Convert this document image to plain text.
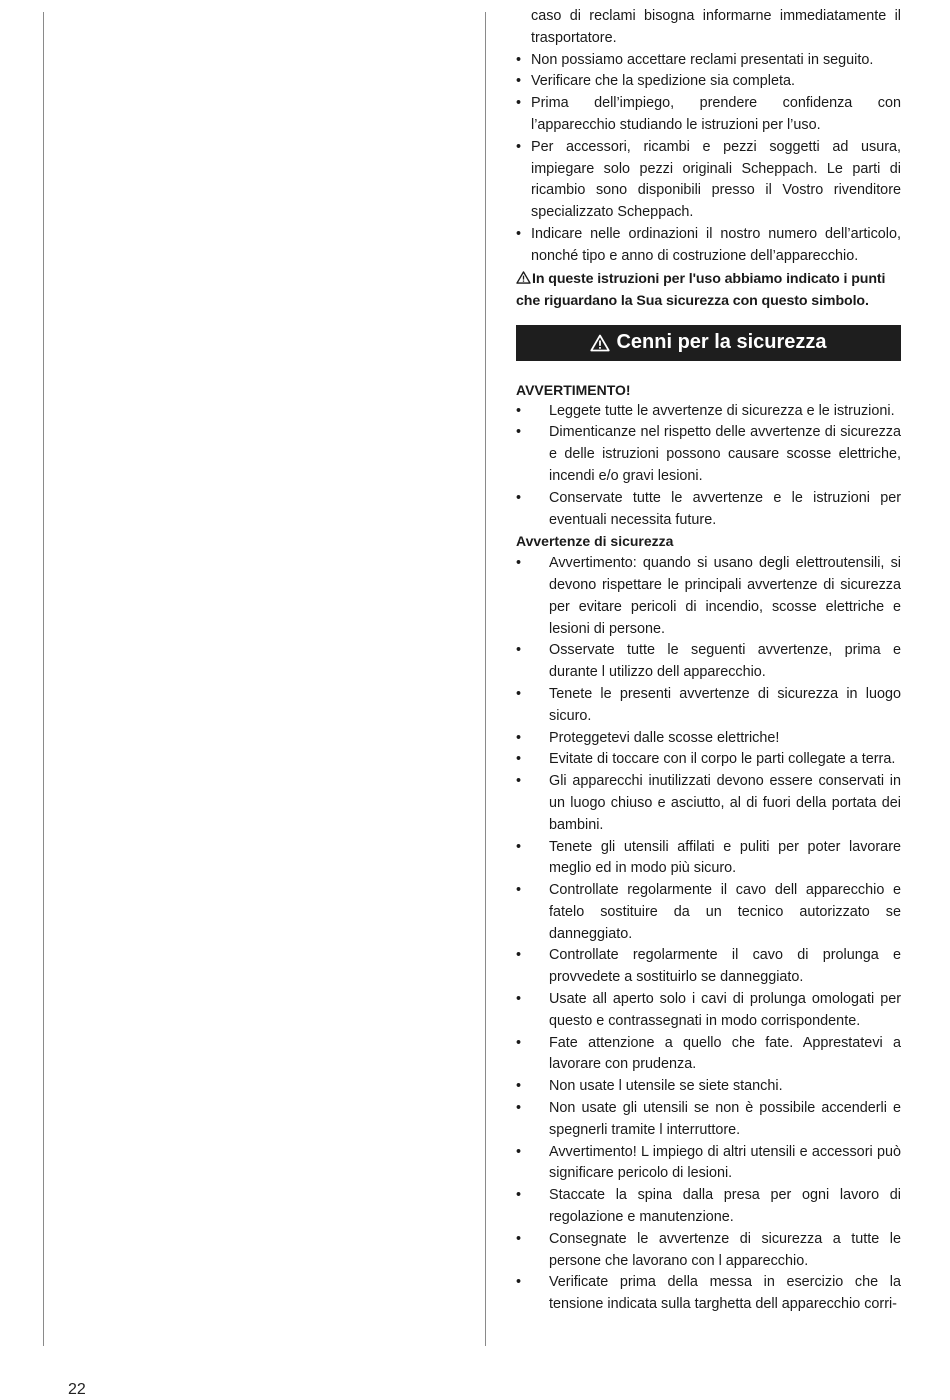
caso di reclami bisogna informarne immediatamente il trasportatore.
• Non possiamo accettare reclami presentati in seguito.
• Verificare che la spedizione sia completa.
• Prima dell’impiego, prendere confidenza con l’apparecchio studiando le istruzioni per l’uso.
• Per accessori, ricambi e pezzi soggetti ad usura, impiegare solo pezzi originali Scheppach. Le parti di ricambio sono disponibili presso il Vostro rivenditore specializzato Scheppach.
• Indicare nelle ordinazioni il nostro numero dell’articolo, nonché tipo e anno di costruzione dell’apparecchio.

In queste istruzioni per l'uso abbiamo indicato i punti che riguardano la Sua sicurezza con questo simbolo.

Cenni per la sicurezza
AVVERTIMENTO!
• Leggete tutte le avvertenze di sicurezza e le istruzioni.
• Dimenticanze nel rispetto delle avvertenze di sicurezza e delle istruzioni possono causare scosse elettriche, incendi e/o gravi lesioni.
• Conservate tutte le avvertenze e le istruzioni per eventuali necessita future.
Avvertenze di sicurezza
• Avvertimento: quando si usano degli elettroutensili, si devono rispettare le principali avvertenze di sicurezza per evitare pericoli di incendio, scosse elettriche e lesioni di persone.
• Osservate tutte le seguenti avvertenze, prima e durante l utilizzo dell apparecchio.
• Tenete le presenti avvertenze di sicurezza in luogo sicuro.
• Proteggetevi dalle scosse elettriche!
• Evitate di toccare con il corpo le parti collegate a terra.
• Gli apparecchi inutilizzati devono essere conservati in un luogo chiuso e asciutto, al di fuori della portata dei bambini.
• Tenete gli utensili affilati e puliti per poter lavorare meglio ed in modo più sicuro.
• Controllate regolarmente il cavo dell apparecchio e fatelo sostituire da un tecnico autorizzato se danneggiato.
• Controllate regolarmente il cavo di prolunga e provvedete a sostituirlo se danneggiato.
• Usate all aperto solo i cavi di prolunga omologati per questo e contrassegnati in modo corrispondente.
• Fate attenzione a quello che fate. Apprestatevi a lavorare con prudenza.
• Non usate l utensile se siete stanchi.
• Non usate gli utensili se non è possibile accenderli e spegnerli tramite l interruttore.
• Avvertimento! L impiego di altri utensili e accessori può significare pericolo di lesioni.
• Staccate la spina dalla presa per ogni lavoro di regolazione e manutenzione.
• Consegnate le avvertenze di sicurezza a tutte le persone che lavorano con l apparecchio.
• Verificate prima della messa in esercizio che la tensione indicata sulla targhetta dell apparecchio corri-
22
